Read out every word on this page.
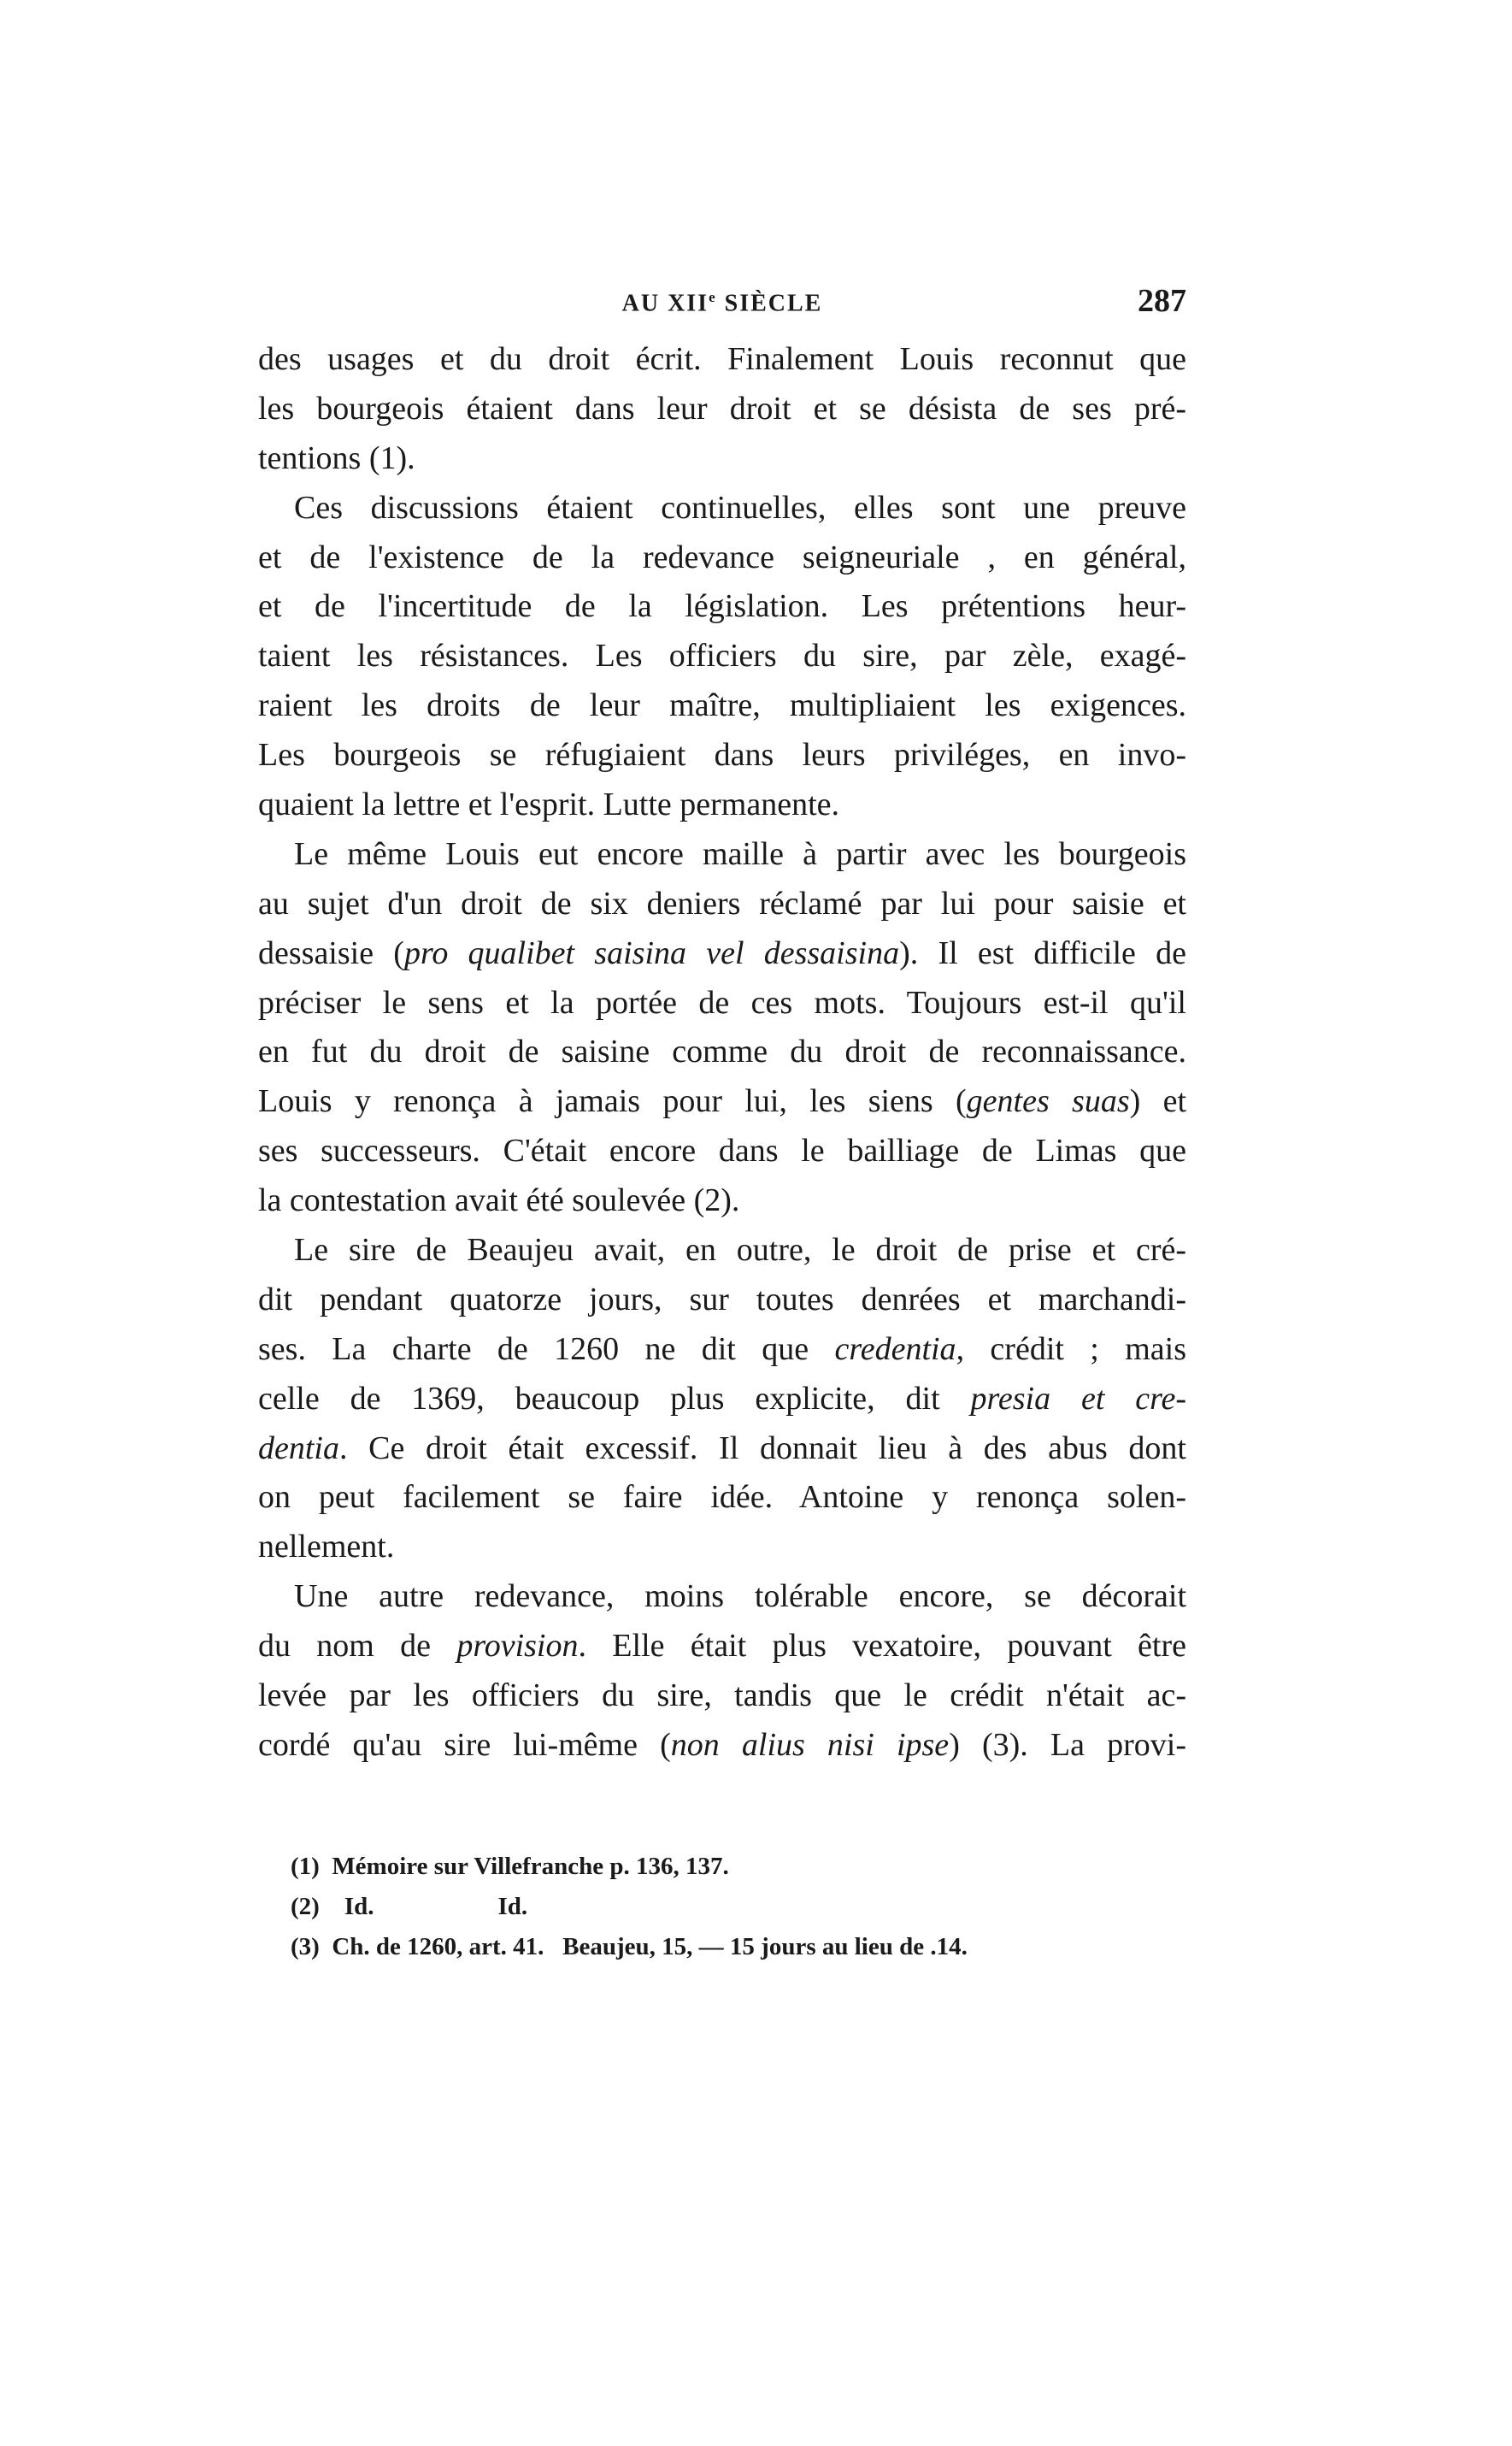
AU XIIe SIÈCLE	287
des usages et du droit écrit. Finalement Louis reconnut que
les bourgeois étaient dans leur droit et se désista de ses pré-
tentions (1).
Ces discussions étaient continuelles, elles sont une preuve
et de l'existence de la redevance seigneuriale , en général,
et de l'incertitude de la législation. Les prétentions heur-
taient les résistances. Les officiers du sire, par zèle, exagé-
raient les droits de leur maître, multipliaient les exigences.
Les bourgeois se réfugiaient dans leurs priviléges, en invo-
quaient la lettre et l'esprit. Lutte permanente.
Le même Louis eut encore maille à partir avec les bourgeois
au sujet d'un droit de six deniers réclamé par lui pour saisie et
dessaisie (pro qualibet saisina vel dessaisina). Il est difficile de
préciser le sens et la portée de ces mots. Toujours est-il qu'il
en fut du droit de saisine comme du droit de reconnaissance.
Louis y renonça à jamais pour lui, les siens (gentes suas) et
ses successeurs. C'était encore dans le bailliage de Limas que
la contestation avait été soulevée (2).
Le sire de Beaujeu avait, en outre, le droit de prise et cré-
dit pendant quatorze jours, sur toutes denrées et marchandi-
ses. La charte de 1260 ne dit que credentia, crédit ; mais
celle de 1369, beaucoup plus explicite, dit presia et cre-
dentia. Ce droit était excessif. Il donnait lieu à des abus dont
on peut facilement se faire idée. Antoine y renonça solen-
nellement.
Une autre redevance, moins tolérable encore, se décorait
du nom de provision. Elle était plus vexatoire, pouvant être
levée par les officiers du sire, tandis que le crédit n'était ac-
cordé qu'au sire lui-même (non alius nisi ipse) (3). La provi-
(1)  Mémoire sur Villefranche p. 136, 137.
(2)    Id.                    Id.
(3)  Ch. de 1260, art. 41.   Beaujeu, 15, — 15 jours au lieu de .14.
